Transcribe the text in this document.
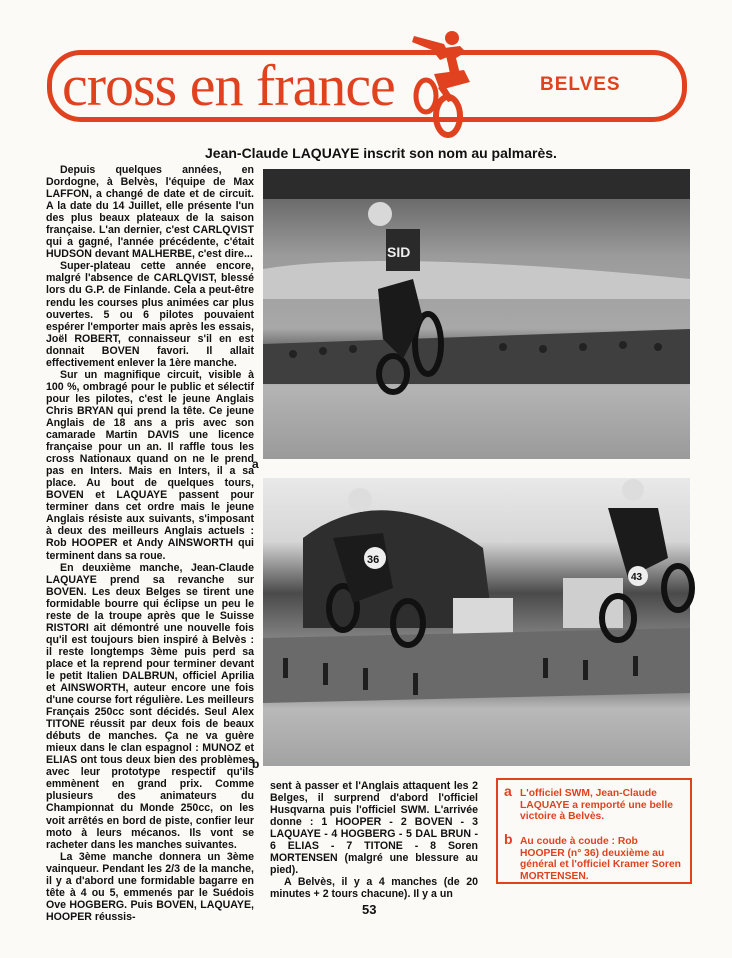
cross en france	BELVES
Jean-Claude LAQUAYE inscrit son nom au palmarès.

Depuis quelques années, en Dordogne, à Belvès, l'équipe de Max LAFFON, a changé de date et de circuit. A la date du 14 Juillet, elle présente l'un des plus beaux plateaux de la saison française. L'an dernier, c'est CARLQVIST qui a gagné, l'année précédente, c'était HUDSON devant MALHERBE, c'est dire...

Super-plateau cette année encore, malgré l'absence de CARLQVIST, blessé lors du G.P. de Finlande. Cela a peut-être rendu les courses plus animées car plus ouvertes. 5 ou 6 pilotes pouvaient espérer l'emporter mais après les essais, Joël ROBERT, connaisseur s'il en est donnait BOVEN favori. Il allait effectivement enlever la 1ère manche.

Sur un magnifique circuit, visible à 100 %, ombragé pour le public et sélectif pour les pilotes, c'est le jeune Anglais Chris BRYAN qui prend la tête. Ce jeune Anglais de 18 ans a pris avec son camarade Martin DAVIS une licence française pour un an. Il raffle tous les cross Nationaux quand on ne le prend pas en Inters. Mais en Inters, il a sa place. Au bout de quelques tours, BOVEN et LAQUAYE passent pour terminer dans cet ordre mais le jeune Anglais résiste aux suivants, s'imposant à deux des meilleurs Anglais actuels : Rob HOOPER et Andy AINSWORTH qui terminent dans sa roue.

En deuxième manche, Jean-Claude LAQUAYE prend sa revanche sur BOVEN. Les deux Belges se tirent une formidable bourre qui éclipse un peu le reste de la troupe après que le Suisse RISTORI ait démontré une nouvelle fois qu'il est toujours bien inspiré à Belvès : il reste longtemps 3ème puis perd sa place et la reprend pour terminer devant le petit Italien DALBRUN, officiel Aprilia et AINSWORTH, auteur encore une fois d'une course fort régulière. Les meilleurs Français 250cc sont décidés. Seul Alex TITONE réussit par deux fois de beaux débuts de manches. Ça ne va guère mieux dans le clan espagnol : MUNOZ et ELIAS ont tous deux bien des problèmes avec leur prototype respectif qu'ils emmènent en grand prix. Comme plusieurs des animateurs du Championnat du Monde 250cc, on les voit arrêtés en bord de piste, confier leur moto à leurs mécanos. Ils vont se racheter dans les manches suivantes.

La 3ème manche donnera un 3ème vainqueur. Pendant les 2/3 de la manche, il y a d'abord une formidable bagarre en tête à 4 ou 5, emmenés par le Suédois Ove HOGBERG. Puis BOVEN, LAQUAYE, HOOPER réussis-

SID
a
36
43
b

sent à passer et l'Anglais attaquent les 2 Belges, il surprend d'abord l'officiel Husqvarna puis l'officiel SWM. L'arrivée donne : 1 HOOPER - 2 BOVEN - 3 LAQUAYE - 4 HOGBERG - 5 DAL BRUN - 6 ELIAS - 7 TITONE - 8 Soren MORTENSEN (malgré une blessure au pied).

A Belvès, il y a 4 manches (de 20 minutes + 2 tours chacune). Il y a un

a L'officiel SWM, Jean-Claude LAQUAYE a remporté une belle victoire à Belvès.
b Au coude à coude : Rob HOOPER (n° 36) deuxième au général et l'officiel Kramer Soren MORTENSEN.
53
